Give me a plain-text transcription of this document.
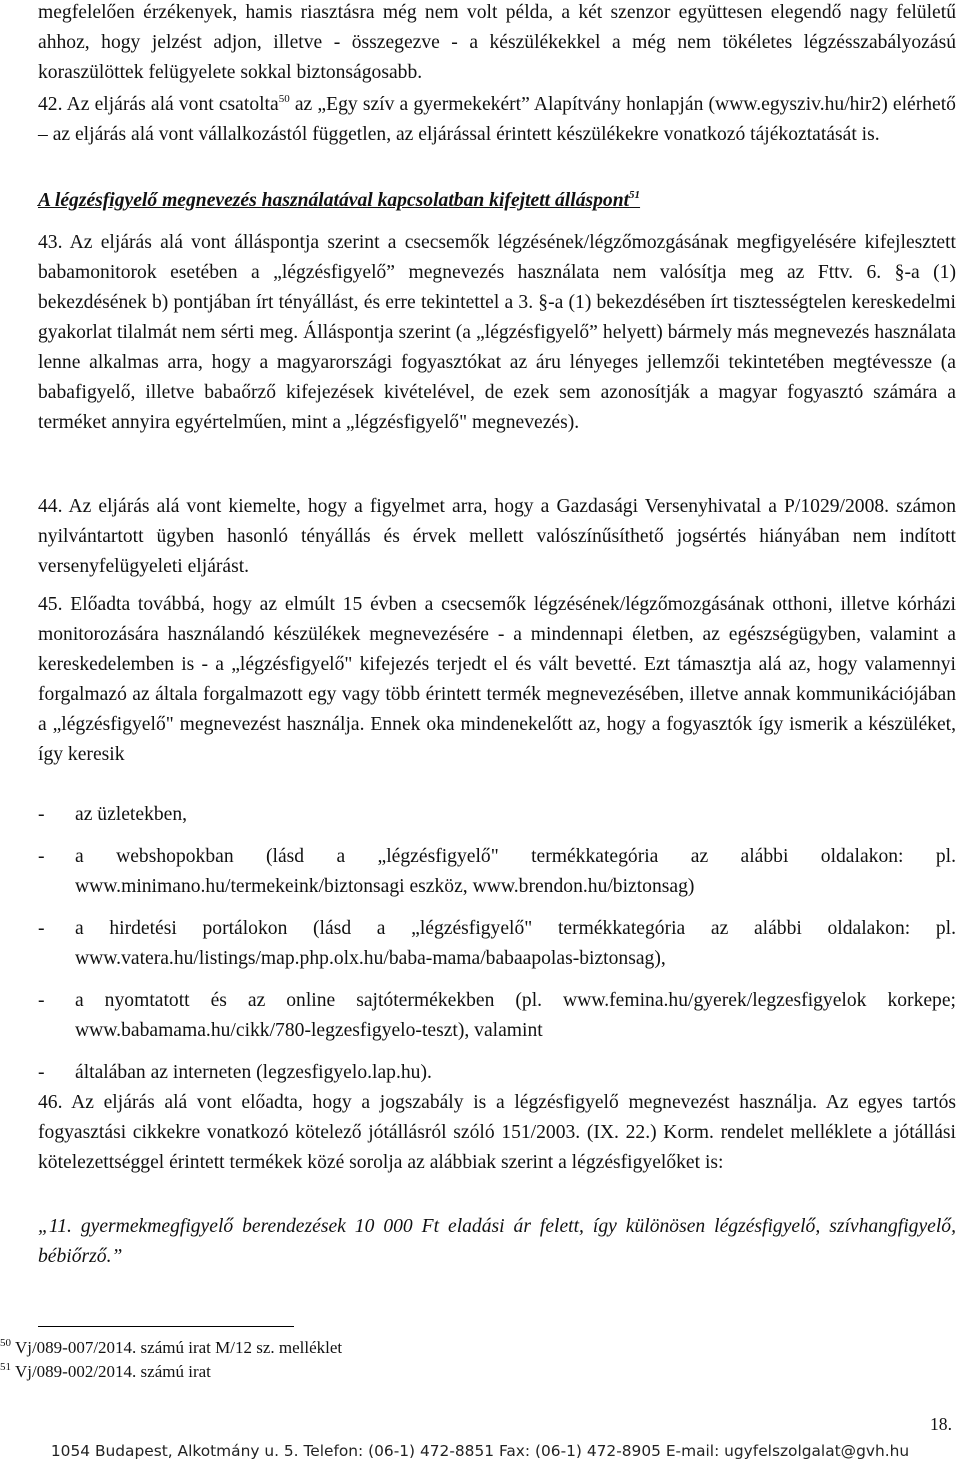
megfelelően érzékenyek, hamis riasztásra még nem volt példa, a két szenzor együttesen elegendő nagy felületű ahhoz, hogy jelzést adjon, illetve - összegezve - a készülékekkel a még nem tökéletes légzésszabályozású koraszülöttek felügyelete sokkal biztonságosabb.

42. Az eljárás alá vont csatolta$^{50}$ az „Egy szív a gyermekekért” Alapítvány honlapján (www.egysziv.hu/hir2) elérhető – az eljárás alá vont vállalkozástól független, az eljárással érintett készülékekre vonatkozó tájékoztatását is.

A légzésfigyelő megnevezés használatával kapcsolatban kifejtett álláspont$^{51}$

43. Az eljárás alá vont álláspontja szerint a csecsemők légzésének/légzőmozgásának megfigyelésére kifejlesztett babamonitorok esetében a „légzésfigyelő” megnevezés használata nem valósítja meg az Fttv. 6. §-a (1) bekezdésének b) pontjában írt tényállást, és erre tekintettel a 3. §-a (1) bekezdésében írt tisztességtelen kereskedelmi gyakorlat tilalmát nem sérti meg. Álláspontja szerint (a „légzésfigyelő” helyett) bármely más megnevezés használata lenne alkalmas arra, hogy a magyarországi fogyasztókat az áru lényeges jellemzői tekintetében megtévessze (a babafigyelő, illetve babaőrző kifejezések kivételével, de ezek sem azonosítják a magyar fogyasztó számára a terméket annyira egyértelműen, mint a „légzésfigyelő" megnevezés).

44. Az eljárás alá vont kiemelte, hogy a figyelmet arra, hogy a Gazdasági Versenyhivatal a P/1029/2008. számon nyilvántartott ügyben hasonló tényállás és érvek mellett valószínűsíthető jogsértés hiányában nem indított versenyfelügyeleti eljárást.

45. Előadta továbbá, hogy az elmúlt 15 évben a csecsemők légzésének/légzőmozgásának otthoni, illetve kórházi monitorozására használandó készülékek megnevezésére - a mindennapi életben, az egészségügyben, valamint a kereskedelemben is - a „légzésfigyelő" kifejezés terjedt el és vált bevetté. Ezt támasztja alá az, hogy valamennyi forgalmazó az általa forgalmazott egy vagy több érintett termék megnevezésében, illetve annak kommunikációjában a „légzésfigyelő" megnevezést használja. Ennek oka mindenekelőtt az, hogy a fogyasztók így ismerik a készüléket, így keresik

- az üzletekben,
- a webshopokban (lásd a „légzésfigyelő" termékkategória az alábbi oldalakon: pl. www.minimano.hu/termekeink/biztonsagi eszköz, www.brendon.hu/biztonsag)
- a hirdetési portálokon (lásd a „légzésfigyelő" termékkategória az alábbi oldalakon: pl. www.vatera.hu/listings/map.php.olx.hu/baba-mama/babaapolas-biztonsag),
- a nyomtatott és az online sajtótermékekben (pl. www.femina.hu/gyerek/legzesfigyelok korkepe; www.babamama.hu/cikk/780-legzesfigyelo-teszt), valamint
- általában az interneten (legzesfigyelo.lap.hu).

46. Az eljárás alá vont előadta, hogy a jogszabály is a légzésfigyelő megnevezést használja. Az egyes tartós fogyasztási cikkekre vonatkozó kötelező jótállásról szóló 151/2003. (IX. 22.) Korm. rendelet melléklete a jótállási kötelezettséggel érintett termékek közé sorolja az alábbiak szerint a légzésfigyelőket is:

„11. gyermekmegfigyelő berendezések 10 000 Ft eladási ár felett, így különösen légzésfigyelő, szívhangfigyelő, bébiőrző.”

$^{50}$ Vj/089-007/2014. számú irat M/12 sz. melléklet

$^{51}$ Vj/089-002/2014. számú irat

18.
1054 Budapest, Alkotmány u. 5. Telefon: (06-1) 472-8851 Fax: (06-1) 472-8905 E-mail: ugyfelszolgalat@gvh.hu
